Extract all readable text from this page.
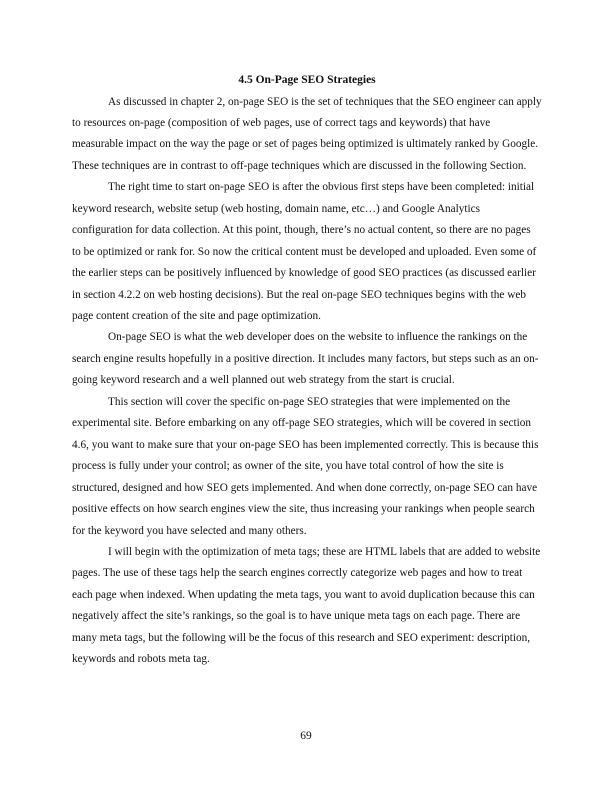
4.5 On-Page SEO Strategies

As discussed in chapter 2, on-page SEO is the set of techniques that the SEO engineer can apply to resources on-page (composition of web pages, use of correct tags and keywords) that have measurable impact on the way the page or set of pages being optimized is ultimately ranked by Google. These techniques are in contrast to off-page techniques which are discussed in the following Section.

The right time to start on-page SEO is after the obvious first steps have been completed: initial keyword research, website setup (web hosting, domain name, etc…) and Google Analytics configuration for data collection. At this point, though, there’s no actual content, so there are no pages to be optimized or rank for. So now the critical content must be developed and uploaded. Even some of the earlier steps can be positively influenced by knowledge of good SEO practices (as discussed earlier in section 4.2.2 on web hosting decisions). But the real on-page SEO techniques begins with the web page content creation of the site and page optimization.

On-page SEO is what the web developer does on the website to influence the rankings on the search engine results hopefully in a positive direction. It includes many factors, but steps such as an on-going keyword research and a well planned out web strategy from the start is crucial.

This section will cover the specific on-page SEO strategies that were implemented on the experimental site. Before embarking on any off-page SEO strategies, which will be covered in section 4.6, you want to make sure that your on-page SEO has been implemented correctly. This is because this process is fully under your control; as owner of the site, you have total control of how the site is structured, designed and how SEO gets implemented. And when done correctly, on-page SEO can have positive effects on how search engines view the site, thus increasing your rankings when people search for the keyword you have selected and many others.

I will begin with the optimization of meta tags; these are HTML labels that are added to website pages. The use of these tags help the search engines correctly categorize web pages and how to treat each page when indexed. When updating the meta tags, you want to avoid duplication because this can negatively affect the site’s rankings, so the goal is to have unique meta tags on each page. There are many meta tags, but the following will be the focus of this research and SEO experiment: description, keywords and robots meta tag.

69
